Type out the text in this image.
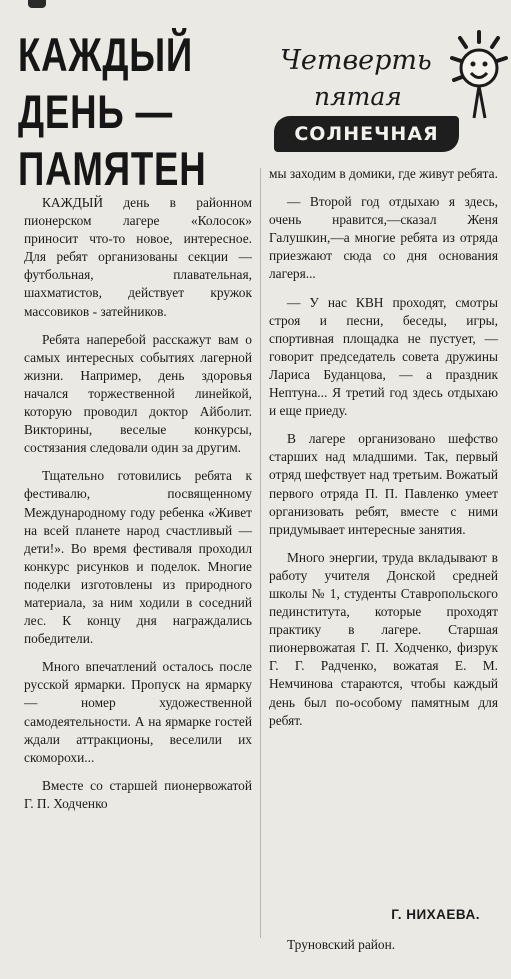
КАЖДЫЙ
ДЕНЬ —
ПАМЯТЕН
Четверть
пятая
СОЛНЕЧНАЯ

КАЖДЫЙ день в районном пионерском лагере «Колосок» приносит что-то новое, интересное. Для ребят организованы секции — футбольная, плавательная, шахматистов, действует кружок массовиков - затейников.

Ребята наперебой расскажут вам о самых интересных событиях лагерной жизни. Например, день здоровья начался торжественной линейкой, которую проводил доктор Айболит. Викторины, веселые конкурсы, состязания следовали один за другим.

Тщательно готовились ребята к фестивалю, посвященному Международному году ребенка «Живет на всей планете народ счастливый — дети!». Во время фестиваля проходил конкурс рисунков и поделок. Многие поделки изготовлены из природного материала, за ним ходили в соседний лес. К концу дня награждались победители.

Много впечатлений осталось после русской ярмарки. Пропуск на ярмарку — номер художественной самодеятельности. А на ярмарке гостей ждали аттракционы, веселили их скоморохи...

Вместе со старшей пионервожатой Г. П. Ходченко

мы заходим в домики, где живут ребята.

— Второй год отдыхаю я здесь, очень нравится,—сказал Женя Галушкин,—а многие ребята из отряда приезжают сюда со дня основания лагеря...

— У нас КВН проходят, смотры строя и песни, беседы, игры, спортивная площадка не пустует, — говорит председатель совета дружины Лариса Буданцова, — а праздник Нептуна... Я третий год здесь отдыхаю и еще приеду.

В лагере организовано шефство старших над младшими. Так, первый отряд шефствует над третьим. Вожатый первого отряда П. П. Павленко умеет организовать ребят, вместе с ними придумывает интересные занятия.

Много энергии, труда вкладывают в работу учителя Донской средней школы № 1, студенты Ставропольского пединститута, которые проходят практику в лагере. Старшая пионервожатая Г. П. Ходченко, физрук Г. Г. Радченко, вожатая Е. М. Немчинова стараются, чтобы каждый день был по-особому памятным для ребят.

Г. НИХАЕВА.
Труновский район.
